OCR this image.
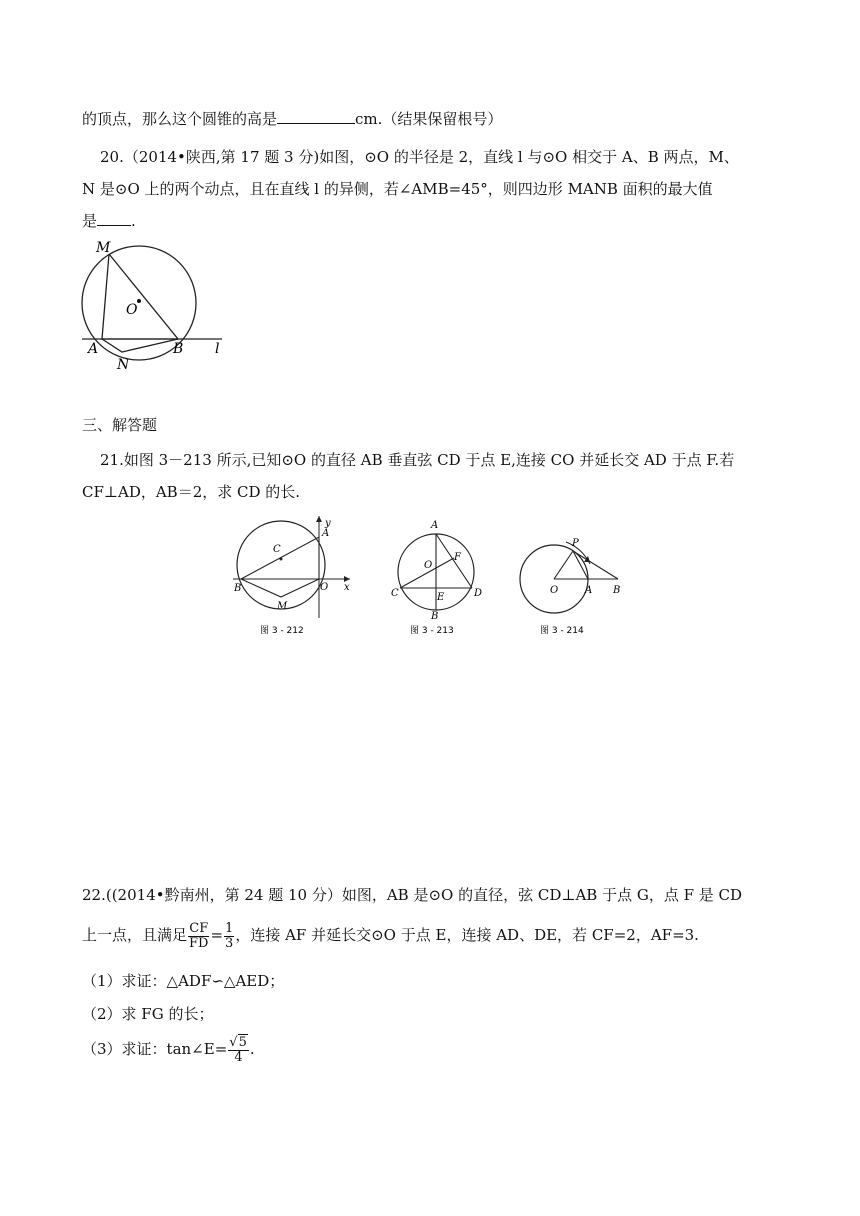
的顶点，那么这个圆锥的高是	cm.（结果保留根号）
20.（2014•陕西,第 17 题 3 分)如图，⊙O 的半径是 2，直线 l 与⊙O 相交于 A、B 两点，M、
N 是⊙O 上的两个动点，且在直线 l 的异侧，若∠AMB=45°，则四边形 MANB 面积的最大值
是 .
M
O
A
N
B l
三、解答题
21.如图 3－213 所示,已知⊙O 的直径 AB 垂直弦 CD 于点 E,连接 CO 并延长交 AD 于点 F.若
CF⊥AD，AB＝2，求 CD 的长.
y
A
C
B	O x
M
图 3 - 212
A
F
O
C	E	D
B
图 3 - 213
P
O	A B
图 3 - 214
22.((2014•黔南州，第 24 题 10 分）如图，AB 是⊙O 的直径，弦 CD⊥AB 于点 G，点 F 是 CD
上一点，且满足 $\frac{CF}{FD} = \frac{1}{3}$ ，连接 AF 并延长交⊙O 于点 E，连接 AD、DE，若 CF=2，AF=3.
（1）求证：△ADF∽△AED；
（2）求 FG 的长；
（3）求证：tan∠E= $\frac{√5}{4}$ .
